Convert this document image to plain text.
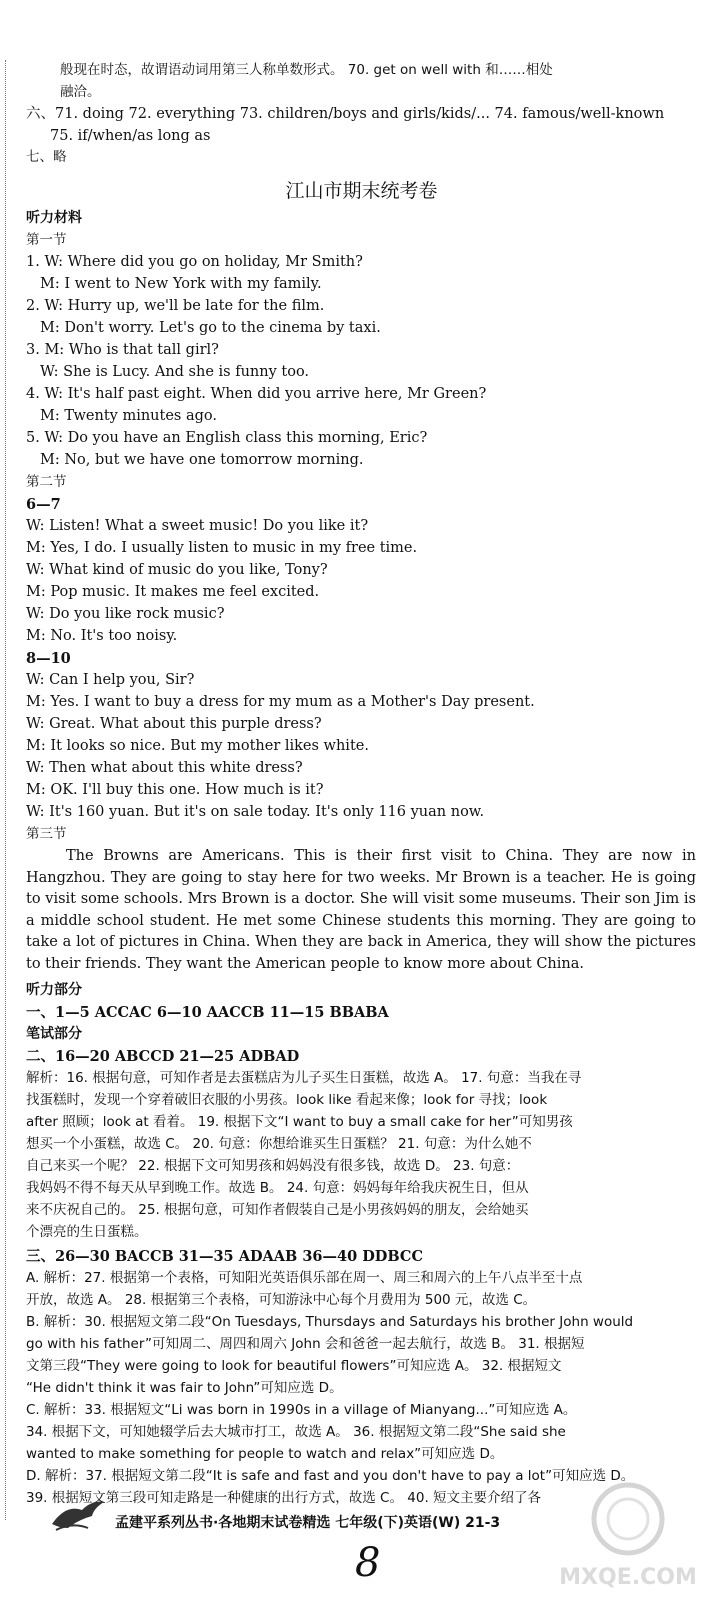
般现在时态，故谓语动词用第三人称单数形式。 70. get on well with 和……相处
融洽。
六、71. doing 72. everything 73. children/boys and girls/kids/... 74. famous/well-known
75. if/when/as long as
七、略
江山市期末统考卷
听力材料
第一节
1. W: Where did you go on holiday, Mr Smith?
M: I went to New York with my family.
2. W: Hurry up, we'll be late for the film.
M: Don't worry. Let's go to the cinema by taxi.
3. M: Who is that tall girl?
W: She is Lucy. And she is funny too.
4. W: It's half past eight. When did you arrive here, Mr Green?
M: Twenty minutes ago.
5. W: Do you have an English class this morning, Eric?
M: No, but we have one tomorrow morning.
第二节
6—7
W: Listen! What a sweet music! Do you like it?
M: Yes, I do. I usually listen to music in my free time.
W: What kind of music do you like, Tony?
M: Pop music. It makes me feel excited.
W: Do you like rock music?
M: No. It's too noisy.
8—10
W: Can I help you, Sir?
M: Yes. I want to buy a dress for my mum as a Mother's Day present.
W: Great. What about this purple dress?
M: It looks so nice. But my mother likes white.
W: Then what about this white dress?
M: OK. I'll buy this one. How much is it?
W: It's 160 yuan. But it's on sale today. It's only 116 yuan now.
第三节
The Browns are Americans. This is their first visit to China. They are now in Hangzhou. They are going to stay here for two weeks. Mr Brown is a teacher. He is going to visit some schools. Mrs Brown is a doctor. She will visit some museums. Their son Jim is a middle school student. He met some Chinese students this morning. They are going to take a lot of pictures in China. When they are back in America, they will show the pictures to their friends. They want the American people to know more about China.
听力部分
一、1—5 ACCAC 6—10 AACCB 11—15 BBABA
笔试部分
二、16—20 ABCCD 21—25 ADBAD
解析：16. 根据句意，可知作者是去蛋糕店为儿子买生日蛋糕，故选 A。 17. 句意：当我在寻
找蛋糕时，发现一个穿着破旧衣服的小男孩。look like 看起来像；look for 寻找；look
after 照顾；look at 看着。 19. 根据下文“I want to buy a small cake for her”可知男孩
想买一个小蛋糕，故选 C。 20. 句意：你想给谁买生日蛋糕？ 21. 句意：为什么她不
自己来买一个呢？ 22. 根据下文可知男孩和妈妈没有很多钱，故选 D。 23. 句意：
我妈妈不得不每天从早到晚工作。故选 B。 24. 句意：妈妈每年给我庆祝生日，但从
来不庆祝自己的。 25. 根据句意，可知作者假装自己是小男孩妈妈的朋友，会给她买
个漂亮的生日蛋糕。
三、26—30 BACCB 31—35 ADAAB 36—40 DDBCC
A. 解析：27. 根据第一个表格，可知阳光英语俱乐部在周一、周三和周六的上午八点半至十点
开放，故选 A。 28. 根据第三个表格，可知游泳中心每个月费用为 500 元，故选 C。
B. 解析：30. 根据短文第二段“On Tuesdays, Thursdays and Saturdays his brother John would
go with his father”可知周二、周四和周六 John 会和爸爸一起去航行，故选 B。 31. 根据短
文第三段“They were going to look for beautiful flowers”可知应选 A。 32. 根据短文
“He didn't think it was fair to John”可知应选 D。
C. 解析：33. 根据短文“Li was born in 1990s in a village of Mianyang...”可知应选 A。
34. 根据下文，可知她辍学后去大城市打工，故选 A。 36. 根据短文第二段“She said she
wanted to make something for people to watch and relax”可知应选 D。
D. 解析：37. 根据短文第二段“It is safe and fast and you don't have to pay a lot”可知应选 D。
39. 根据短文第三段可知走路是一种健康的出行方式，故选 C。 40. 短文主要介绍了各
孟建平系列丛书·各地期末试卷精选 七年级(下)英语(W) 21-3
8	MXQE.COM
